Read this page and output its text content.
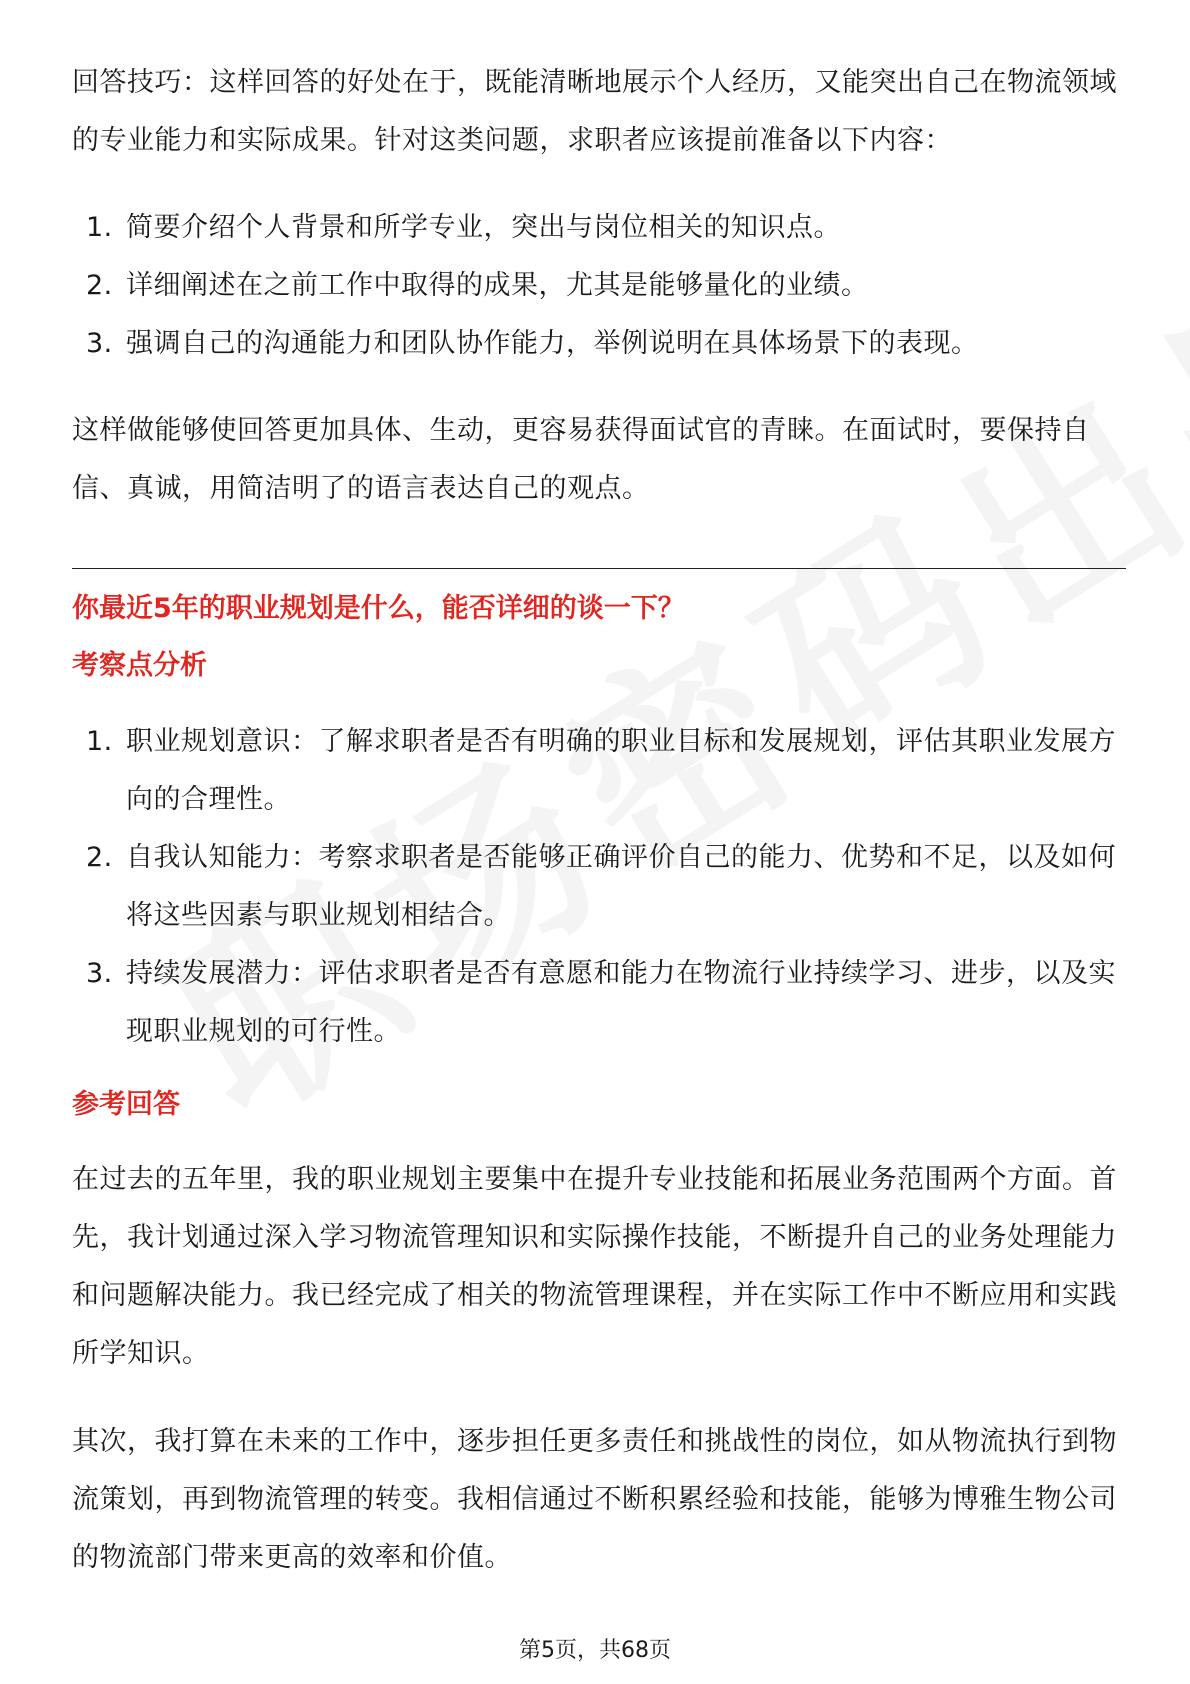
回答技巧：这样回答的好处在于，既能清晰地展示个人经历，又能突出自己在物流领域的专业能力和实际成果。针对这类问题，求职者应该提前准备以下内容：

1. 简要介绍个人背景和所学专业，突出与岗位相关的知识点。
2. 详细阐述在之前工作中取得的成果，尤其是能够量化的业绩。
3. 强调自己的沟通能力和团队协作能力，举例说明在具体场景下的表现。

这样做能够使回答更加具体、生动，更容易获得面试官的青睐。在面试时，要保持自信、真诚，用简洁明了的语言表达自己的观点。

你最近5年的职业规划是什么，能否详细的谈一下？
考察点分析
1. 职业规划意识：了解求职者是否有明确的职业目标和发展规划，评估其职业发展方向的合理性。
2. 自我认知能力：考察求职者是否能够正确评价自己的能力、优势和不足，以及如何将这些因素与职业规划相结合。
3. 持续发展潜力：评估求职者是否有意愿和能力在物流行业持续学习、进步，以及实现职业规划的可行性。
参考回答

在过去的五年里，我的职业规划主要集中在提升专业技能和拓展业务范围两个方面。首先，我计划通过深入学习物流管理知识和实际操作技能，不断提升自己的业务处理能力和问题解决能力。我已经完成了相关的物流管理课程，并在实际工作中不断应用和实践所学知识。

其次，我打算在未来的工作中，逐步担任更多责任和挑战性的岗位，如从物流执行到物流策划，再到物流管理的转变。我相信通过不断积累经验和技能，能够为博雅生物公司的物流部门带来更高的效率和价值。

第5页，共68页
